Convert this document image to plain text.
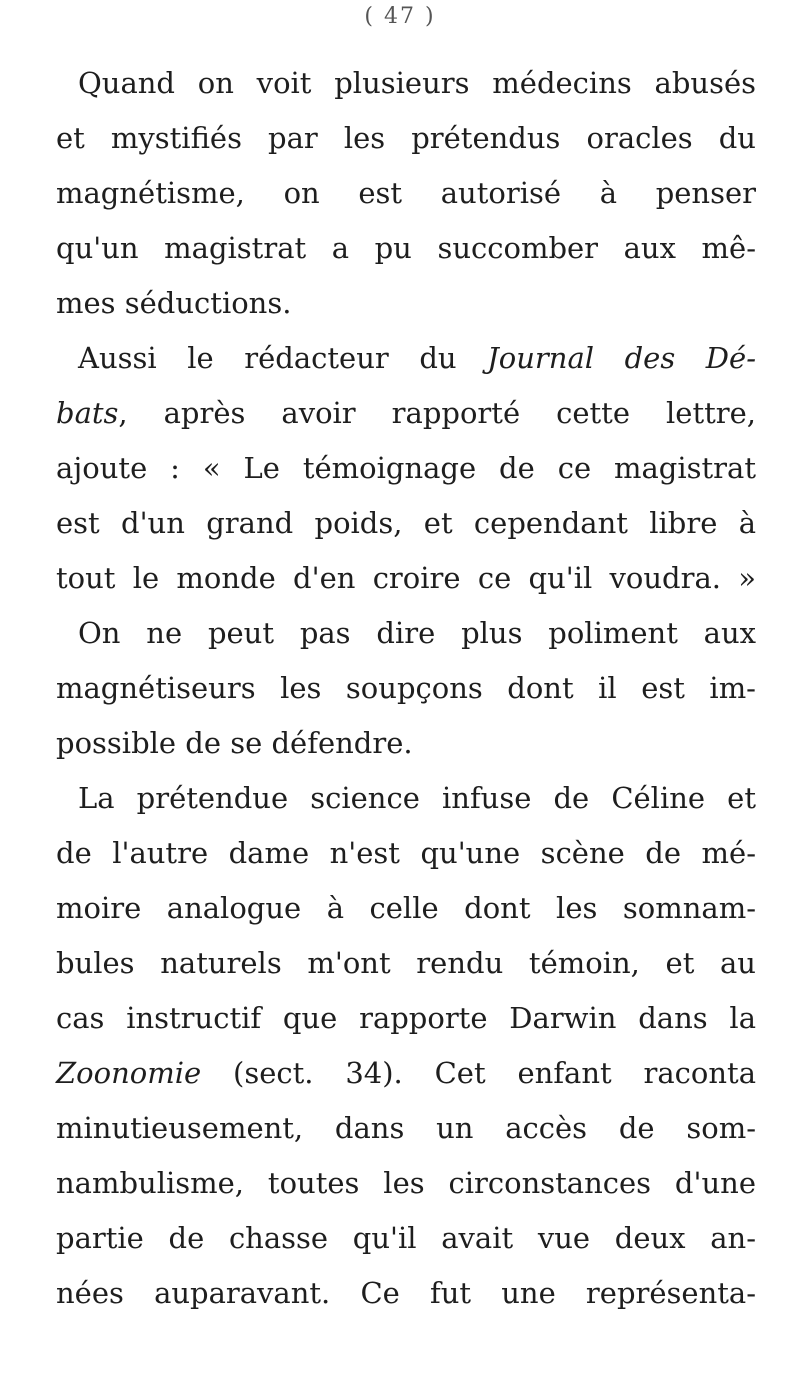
( 47 )
Quand on voit plusieurs médecins abusés
et mystifiés par les prétendus oracles du
magnétisme, on est autorisé à penser
qu'un magistrat a pu succomber aux mê-
mes séductions.
Aussi le rédacteur du Journal des Dé-
bats, après avoir rapporté cette lettre,
ajoute : « Le témoignage de ce magistrat
est d'un grand poids, et cependant libre à
tout le monde d'en croire ce qu'il voudra. »
On ne peut pas dire plus poliment aux
magnétiseurs les soupçons dont il est im-
possible de se défendre.
La prétendue science infuse de Céline et
de l'autre dame n'est qu'une scène de mé-
moire analogue à celle dont les somnam-
bules naturels m'ont rendu témoin, et au
cas instructif que rapporte Darwin dans la
Zoonomie (sect. 34). Cet enfant raconta
minutieusement, dans un accès de som-
nambulisme, toutes les circonstances d'une
partie de chasse qu'il avait vue deux an-
nées auparavant. Ce fut une représenta-
